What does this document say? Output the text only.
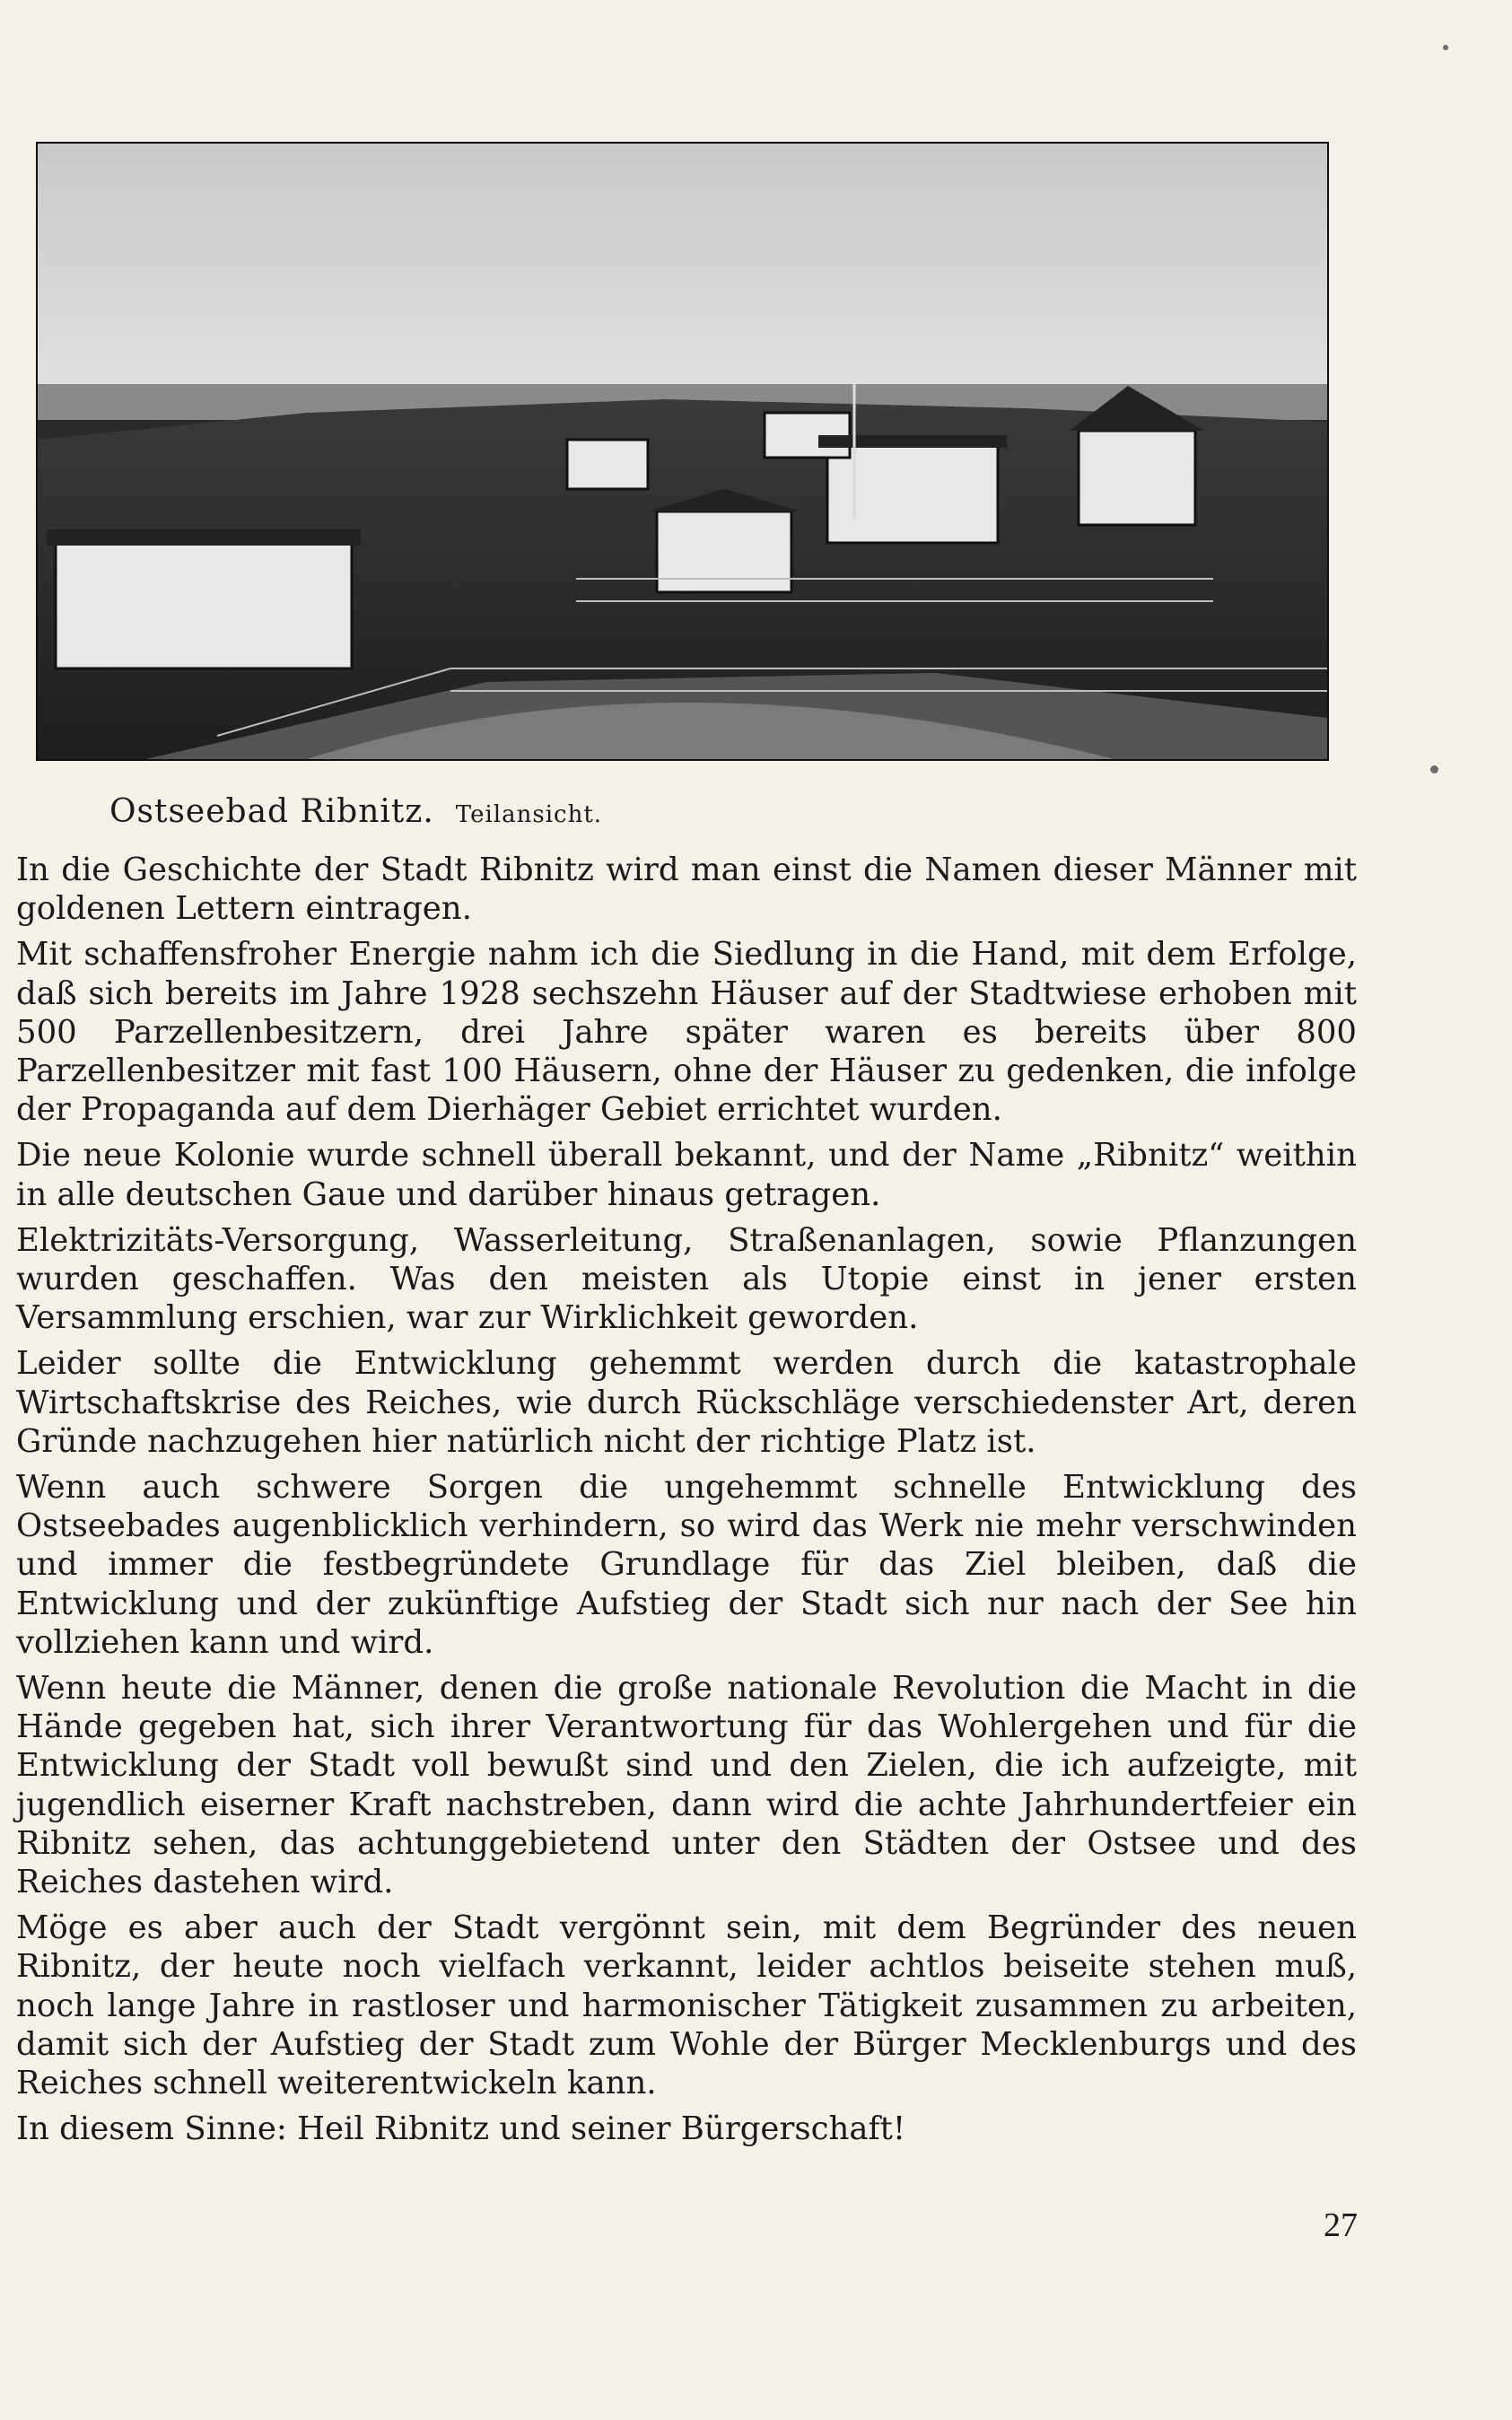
Ostseebad Ribnitz. Teilansicht.

In die Geschichte der Stadt Ribnitz wird man einst die Namen dieser Männer mit goldenen Lettern eintragen.

Mit schaffensfroher Energie nahm ich die Siedlung in die Hand, mit dem Erfolge, daß sich bereits im Jahre 1928 sechszehn Häuser auf der Stadtwiese erhoben mit 500 Parzellenbesitzern, drei Jahre später waren es bereits über 800 Parzellenbesitzer mit fast 100 Häusern, ohne der Häuser zu gedenken, die infolge der Propaganda auf dem Dierhäger Gebiet errichtet wurden.

Die neue Kolonie wurde schnell überall bekannt, und der Name „Ribnitz“ weithin in alle deutschen Gaue und darüber hinaus getragen.

Elektrizitäts-Versorgung, Wasserleitung, Straßenanlagen, sowie Pflanzungen wurden geschaffen. Was den meisten als Utopie einst in jener ersten Versammlung erschien, war zur Wirklichkeit geworden.

Leider sollte die Entwicklung gehemmt werden durch die katastrophale Wirtschaftskrise des Reiches, wie durch Rückschläge verschiedenster Art, deren Gründe nachzugehen hier natürlich nicht der richtige Platz ist.

Wenn auch schwere Sorgen die ungehemmt schnelle Entwicklung des Ostseebades augenblicklich verhindern, so wird das Werk nie mehr verschwinden und immer die festbegründete Grundlage für das Ziel bleiben, daß die Entwicklung und der zukünftige Aufstieg der Stadt sich nur nach der See hin vollziehen kann und wird.

Wenn heute die Männer, denen die große nationale Revolution die Macht in die Hände gegeben hat, sich ihrer Verantwortung für das Wohlergehen und für die Entwicklung der Stadt voll bewußt sind und den Zielen, die ich aufzeigte, mit jugendlich eiserner Kraft nachstreben, dann wird die achte Jahrhundertfeier ein Ribnitz sehen, das achtunggebietend unter den Städten der Ostsee und des Reiches dastehen wird.

Möge es aber auch der Stadt vergönnt sein, mit dem Begründer des neuen Ribnitz, der heute noch vielfach verkannt, leider achtlos beiseite stehen muß, noch lange Jahre in rastloser und harmonischer Tätigkeit zusammen zu arbeiten, damit sich der Aufstieg der Stadt zum Wohle der Bürger Mecklenburgs und des Reiches schnell weiterentwickeln kann.

In diesem Sinne: Heil Ribnitz und seiner Bürgerschaft!

27
